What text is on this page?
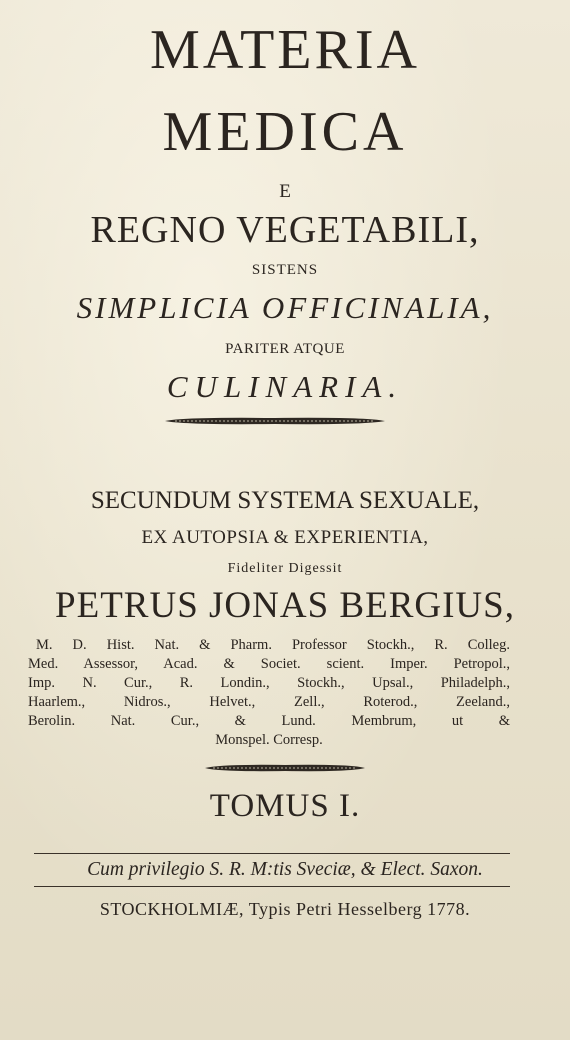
MATERIA
MEDICA
E
REGNO VEGETABILI,
SISTENS
SIMPLICIA OFFICINALIA,
PARITER ATQUE
CULINARIA.
SECUNDUM SYSTEMA SEXUALE,
EX AUTOPSIA & EXPERIENTIA,
Fideliter Digessit
PETRUS JONAS BERGIUS,
M. D. Hist. Nat. & Pharm. Professor Stockh., R. Colleg.
Med. Assessor, Acad. & Societ. scient. Imper. Petropol.,
Imp. N. Cur., R. Londin., Stockh., Upsal., Philadelph.,
Haarlem., Nidros., Helvet., Zell., Roterod., Zeeland.,
Berolin. Nat. Cur., & Lund. Membrum, ut &
Monspel. Corresp.
TOMUS I.
Cum privilegio S. R. M:tis Sveciæ, & Elect. Saxon.
STOCKHOLMIÆ, Typis Petri Hesselberg 1778.
